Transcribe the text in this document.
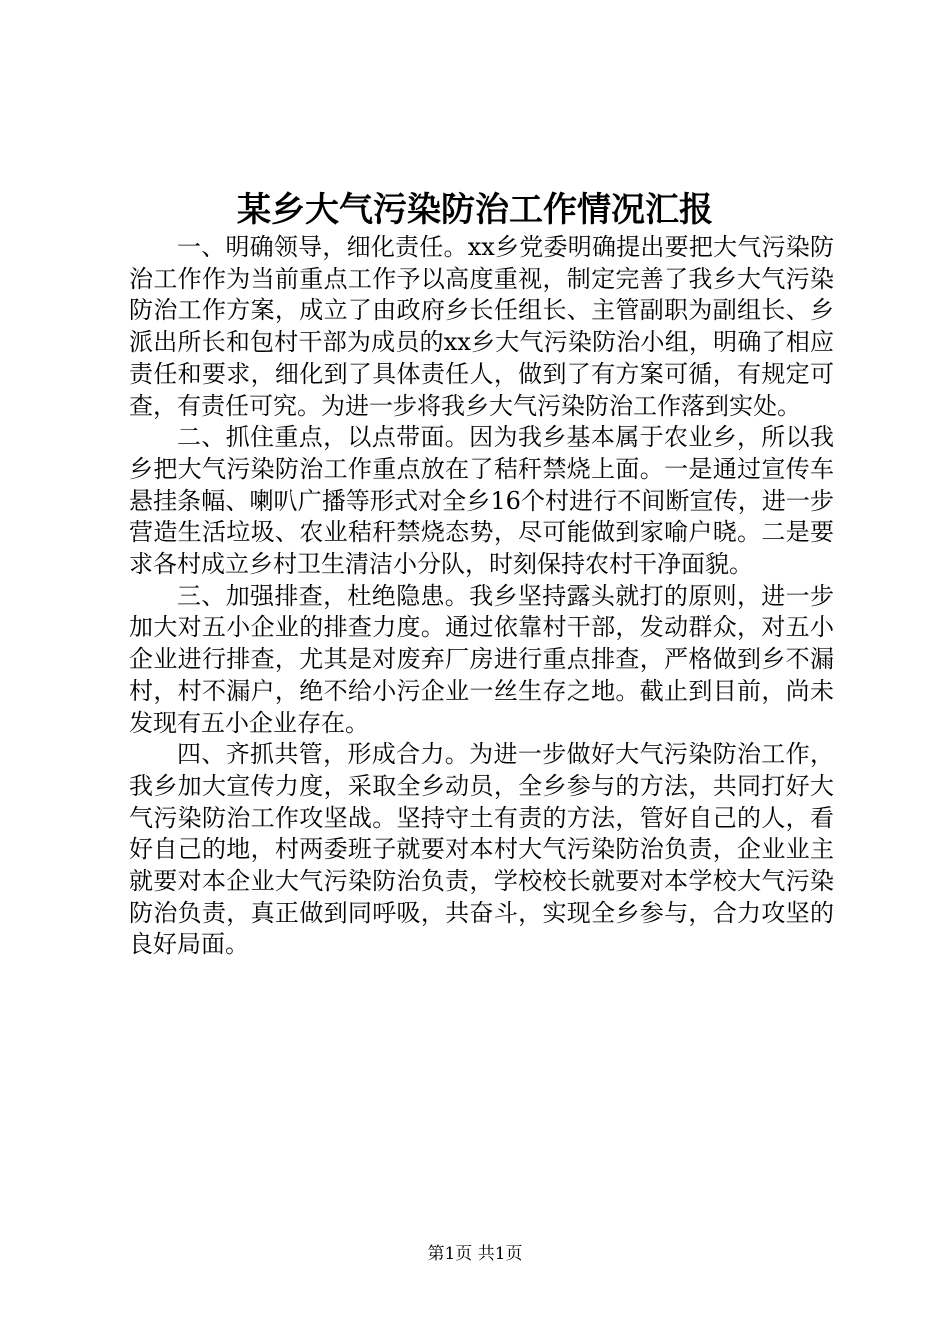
某乡大气污染防治工作情况汇报

一、明确领导，细化责任。xx乡党委明确提出要把大气污染防治工作作为当前重点工作予以高度重视，制定完善了我乡大气污染防治工作方案，成立了由政府乡长任组长、主管副职为副组长、乡派出所长和包村干部为成员的xx乡大气污染防治小组，明确了相应责任和要求，细化到了具体责任人，做到了有方案可循，有规定可查，有责任可究。为进一步将我乡大气污染防治工作落到实处。

二、抓住重点，以点带面。因为我乡基本属于农业乡，所以我乡把大气污染防治工作重点放在了秸秆禁烧上面。一是通过宣传车悬挂条幅、喇叭广播等形式对全乡16个村进行不间断宣传，进一步营造生活垃圾、农业秸秆禁烧态势，尽可能做到家喻户晓。二是要求各村成立乡村卫生清洁小分队，时刻保持农村干净面貌。

三、加强排查，杜绝隐患。我乡坚持露头就打的原则，进一步加大对五小企业的排查力度。通过依靠村干部，发动群众，对五小企业进行排查，尤其是对废弃厂房进行重点排查，严格做到乡不漏村，村不漏户，绝不给小污企业一丝生存之地。截止到目前，尚未发现有五小企业存在。

四、齐抓共管，形成合力。为进一步做好大气污染防治工作，我乡加大宣传力度，采取全乡动员，全乡参与的方法，共同打好大气污染防治工作攻坚战。坚持守土有责的方法，管好自己的人，看好自己的地，村两委班子就要对本村大气污染防治负责，企业业主就要对本企业大气污染防治负责，学校校长就要对本学校大气污染防治负责，真正做到同呼吸，共奋斗，实现全乡参与，合力攻坚的良好局面。

第1页 共1页
